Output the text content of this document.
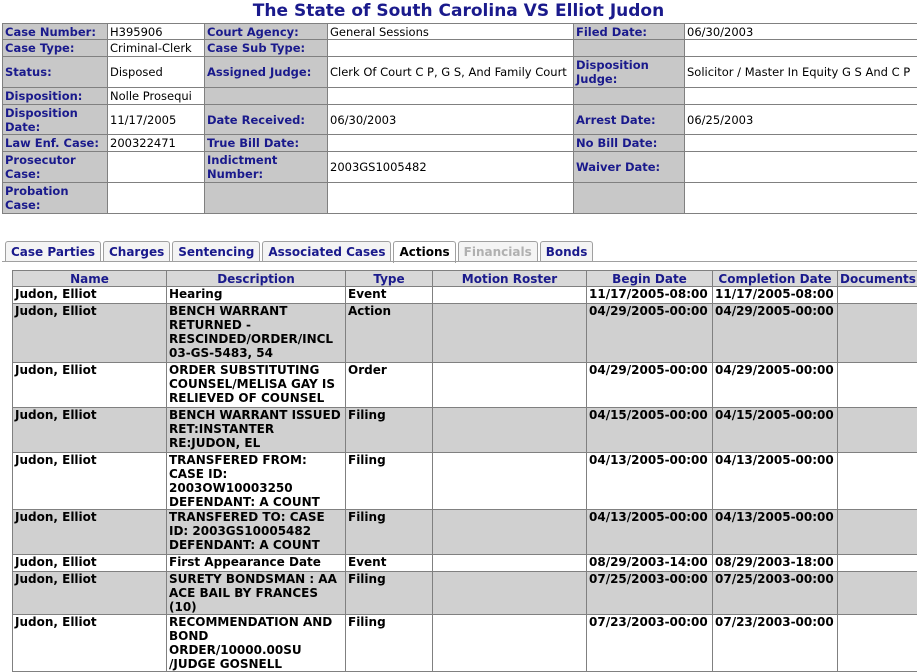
The State of South Carolina VS Elliot Judon
Case Number:	H395906	Court Agency:	General Sessions	Filed Date:	06/30/2003
Case Type:	Criminal-Clerk	Case Sub Type:			
Status:	Disposed	Assigned Judge:	Clerk Of Court C P, G S, And Family Court	Disposition Judge:	Solicitor / Master In Equity G S And C P
Disposition:	Nolle Prosequi				
Disposition Date:	11/17/2005	Date Received:	06/30/2003	Arrest Date:	06/25/2003
Law Enf. Case:	200322471	True Bill Date:		No Bill Date:	
Prosecutor Case:		Indictment Number:	2003GS1005482	Waiver Date:	
Probation Case:					
Case Parties	Charges	Sentencing	Associated Cases	Actions	Financials	Bonds
Name	Description	Type	Motion Roster	Begin Date	Completion Date	Documents
Judon, Elliot	Hearing	Event		11/17/2005-08:00	11/17/2005-08:00	
Judon, Elliot	BENCH WARRANT RETURNED - RESCINDED/ORDER/INCL 03-GS-5483, 54	Action		04/29/2005-00:00	04/29/2005-00:00	
Judon, Elliot	ORDER SUBSTITUTING COUNSEL/MELISA GAY IS RELIEVED OF COUNSEL	Order		04/29/2005-00:00	04/29/2005-00:00	
Judon, Elliot	BENCH WARRANT ISSUED RET:INSTANTER RE:JUDON, EL	Filing		04/15/2005-00:00	04/15/2005-00:00	
Judon, Elliot	TRANSFERED FROM: CASE ID: 2003OW10003250 DEFENDANT: A COUNT	Filing		04/13/2005-00:00	04/13/2005-00:00	
Judon, Elliot	TRANSFERED TO: CASE ID: 2003GS10005482 DEFENDANT: A COUNT	Filing		04/13/2005-00:00	04/13/2005-00:00	
Judon, Elliot	First Appearance Date	Event		08/29/2003-14:00	08/29/2003-18:00	
Judon, Elliot	SURETY BONDSMAN : AA ACE BAIL BY FRANCES (10)	Filing		07/25/2003-00:00	07/25/2003-00:00	
Judon, Elliot	RECOMMENDATION AND BOND ORDER/10000.00SU /JUDGE GOSNELL	Filing		07/23/2003-00:00	07/23/2003-00:00	
